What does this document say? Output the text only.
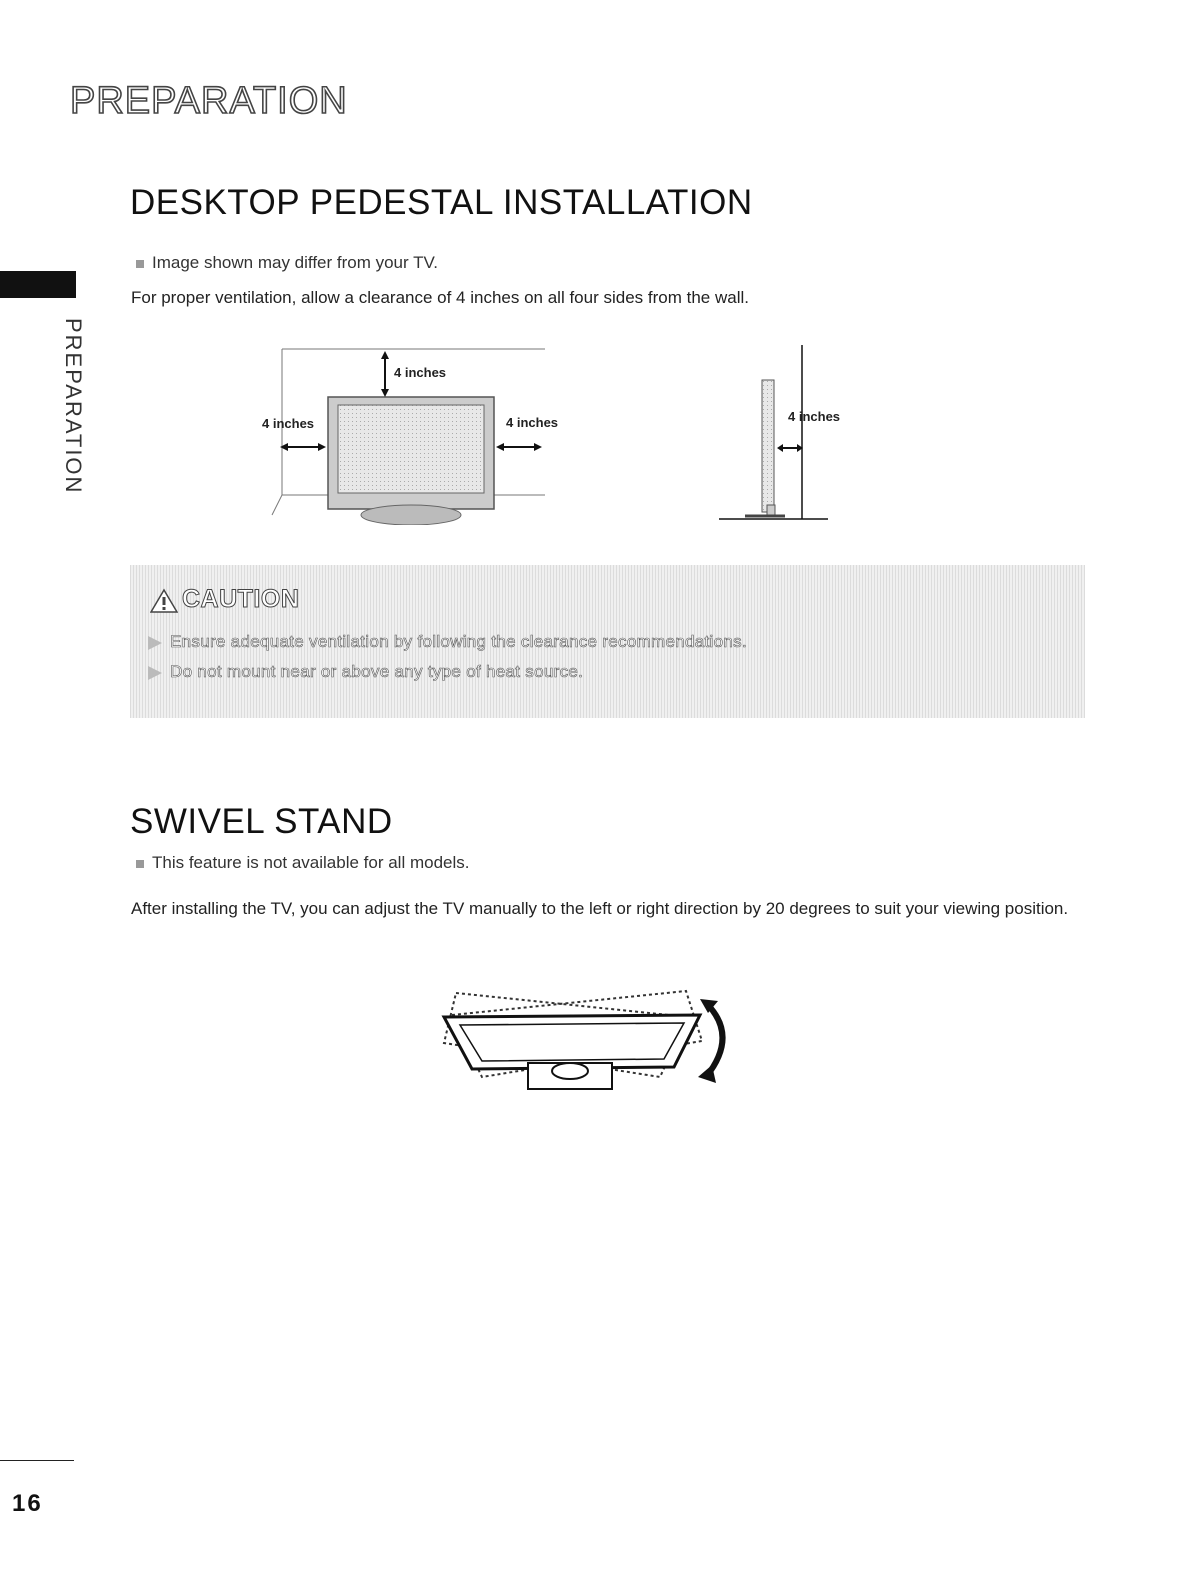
PREPARATION
PREPARATION
DESKTOP PEDESTAL INSTALLATION
Image shown may differ from your TV.
For proper ventilation, allow a clearance of 4 inches on all four sides from the wall.
4 inches
4 inches	4 inches	4 inches
CAUTION
Ensure adequate ventilation by following the clearance recommendations.
Do not mount near or above any type of heat source.
SWIVEL STAND
This feature is not available for all models.
After installing the TV, you can adjust the TV manually to the left or right direction by 20 degrees to suit your viewing position.
16
